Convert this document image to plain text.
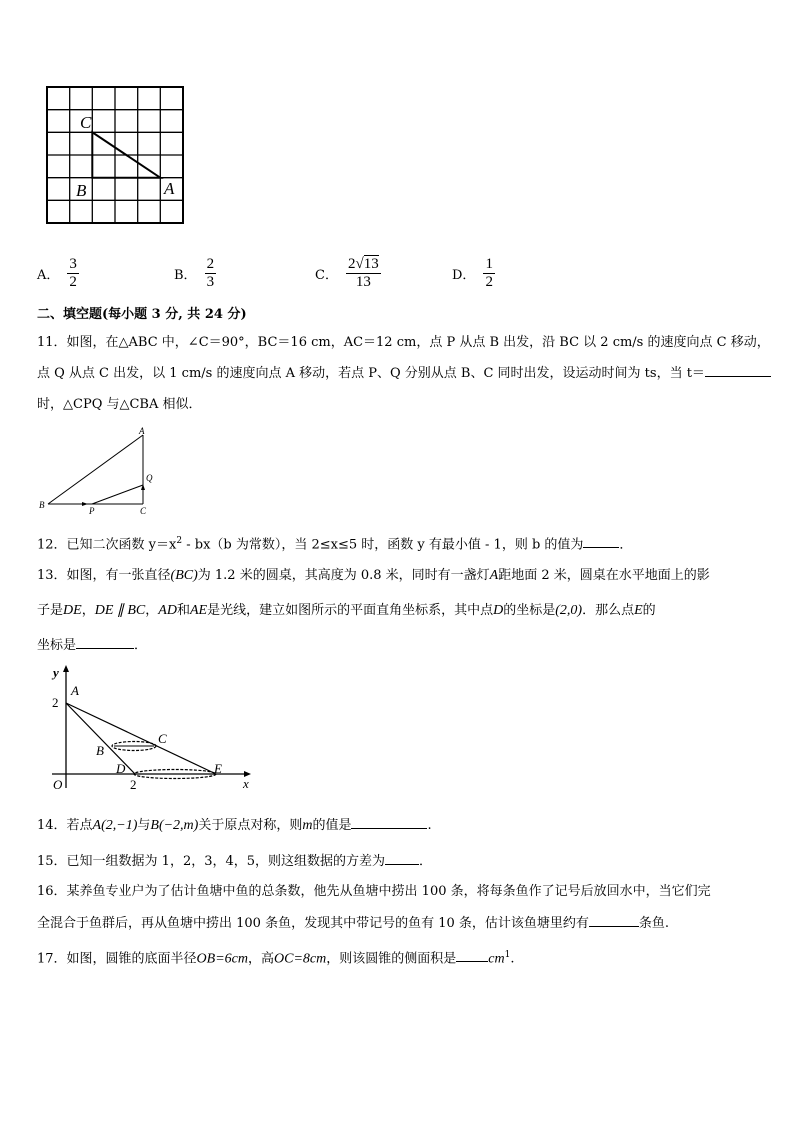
C
B	A
A． $\frac{3}{2}$	B． $\frac{2}{3}$	C． $\frac{2√13}{13}$	D． $\frac{1}{2}$
二、填空题(每小题 3 分, 共 24 分)
11．如图，在△ABC 中，∠C＝90°，BC＝16 cm，AC＝12 cm，点 P 从点 B 出发，沿 BC 以 2 cm/s 的速度向点 C 移动，
点 Q 从点 C 出发，以 1 cm/s 的速度向点 A 移动，若点 P、Q 分别从点 B、C 同时出发，设运动时间为 ts，当 t＝
时，△CPQ 与△CBA 相似．
A
Q
B
P	C
12．已知二次函数 $y=x^2 - bx(b$ 为常数），当 2≤x≤5 时，函数 y 有最小值 - 1，则 b 的值为	．
13．如图，有一张直径(BC)为 1.2 米的圆桌，其高度为 0.8 米，同时有一盏灯A距地面 2 米，圆桌在水平地面上的影
子是DE，DE ∥ BC，AD和AE是光线，建立如图所示的平面直角坐标系，其中点D的坐标是(2,0)．那么点E的
坐标是	．
y
x
O
2
2
A
B
C
D	E
14．若点A(2,−1)与B(−2,m)关于原点对称，则m的值是	.
15．已知一组数据为 1，2，3，4，5，则这组数据的方差为	．
16．某养鱼专业户为了估计鱼塘中鱼的总条数，他先从鱼塘中捞出 100 条，将每条鱼作了记号后放回水中，当它们完
全混合于鱼群后，再从鱼塘中捞出 100 条鱼，发现其中带记号的鱼有 10 条，估计该鱼塘里约有	条鱼.
17．如图，圆锥的底面半径OB=6cm，高OC=8cm，则该圆锥的侧面积是 $cm^1$.
